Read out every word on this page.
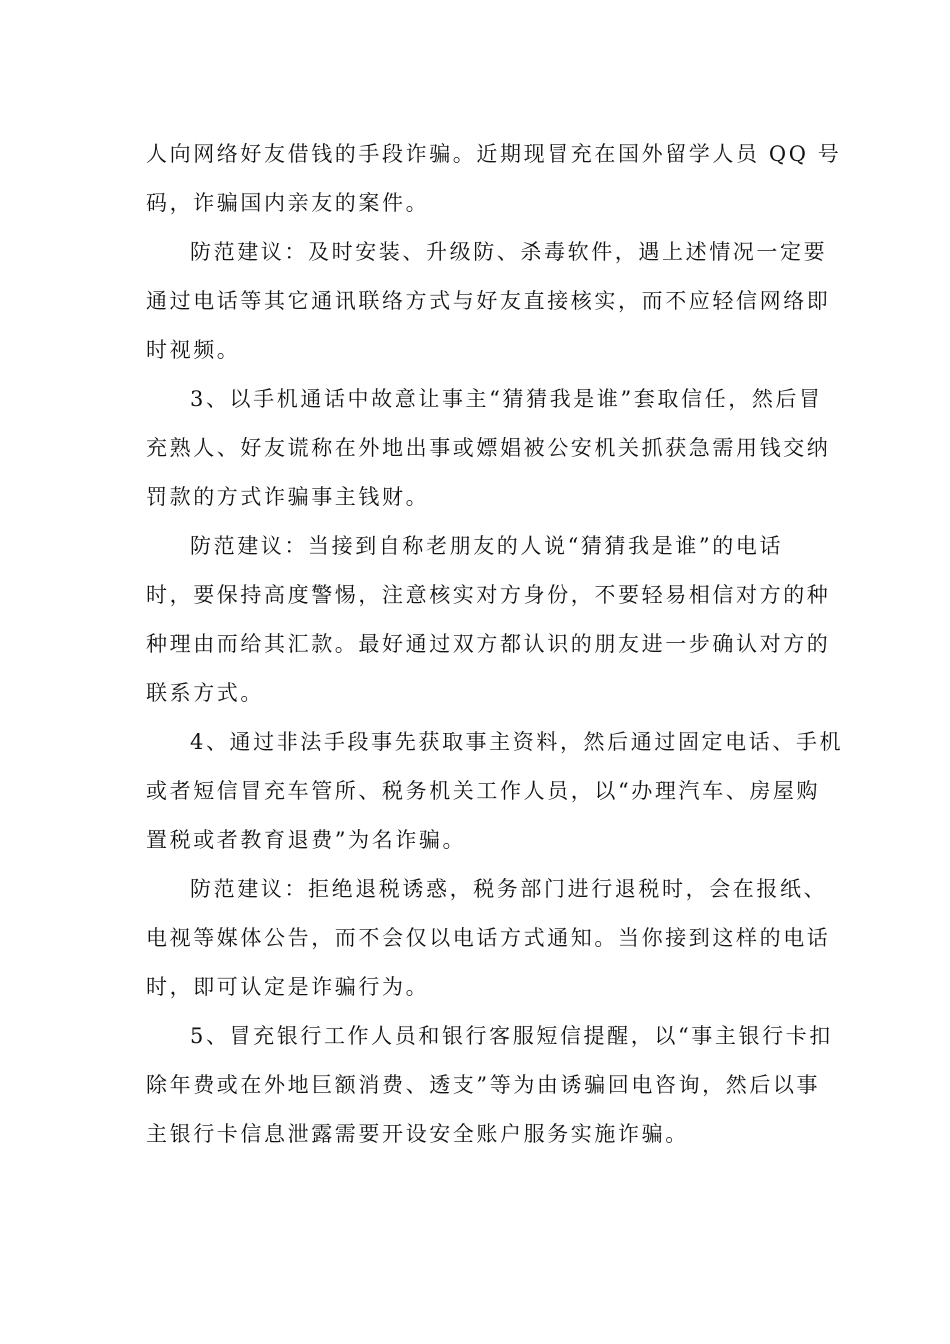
人向网络好友借钱的手段诈骗。近期现冒充在国外留学人员 QQ 号
码，诈骗国内亲友的案件。
防范建议：及时安装、升级防、杀毒软件，遇上述情况一定要
通过电话等其它通讯联络方式与好友直接核实，而不应轻信网络即
时视频。
3、以手机通话中故意让事主“猜猜我是谁”套取信任，然后冒
充熟人、好友谎称在外地出事或嫖娼被公安机关抓获急需用钱交纳
罚款的方式诈骗事主钱财。
防范建议：当接到自称老朋友的人说“猜猜我是谁”的电话
时，要保持高度警惕，注意核实对方身份，不要轻易相信对方的种
种理由而给其汇款。最好通过双方都认识的朋友进一步确认对方的
联系方式。
4、通过非法手段事先获取事主资料，然后通过固定电话、手机
或者短信冒充车管所、税务机关工作人员，以“办理汽车、房屋购
置税或者教育退费”为名诈骗。
防范建议：拒绝退税诱惑，税务部门进行退税时，会在报纸、
电视等媒体公告，而不会仅以电话方式通知。当你接到这样的电话
时，即可认定是诈骗行为。
5、冒充银行工作人员和银行客服短信提醒，以“事主银行卡扣
除年费或在外地巨额消费、透支”等为由诱骗回电咨询，然后以事
主银行卡信息泄露需要开设安全账户服务实施诈骗。
